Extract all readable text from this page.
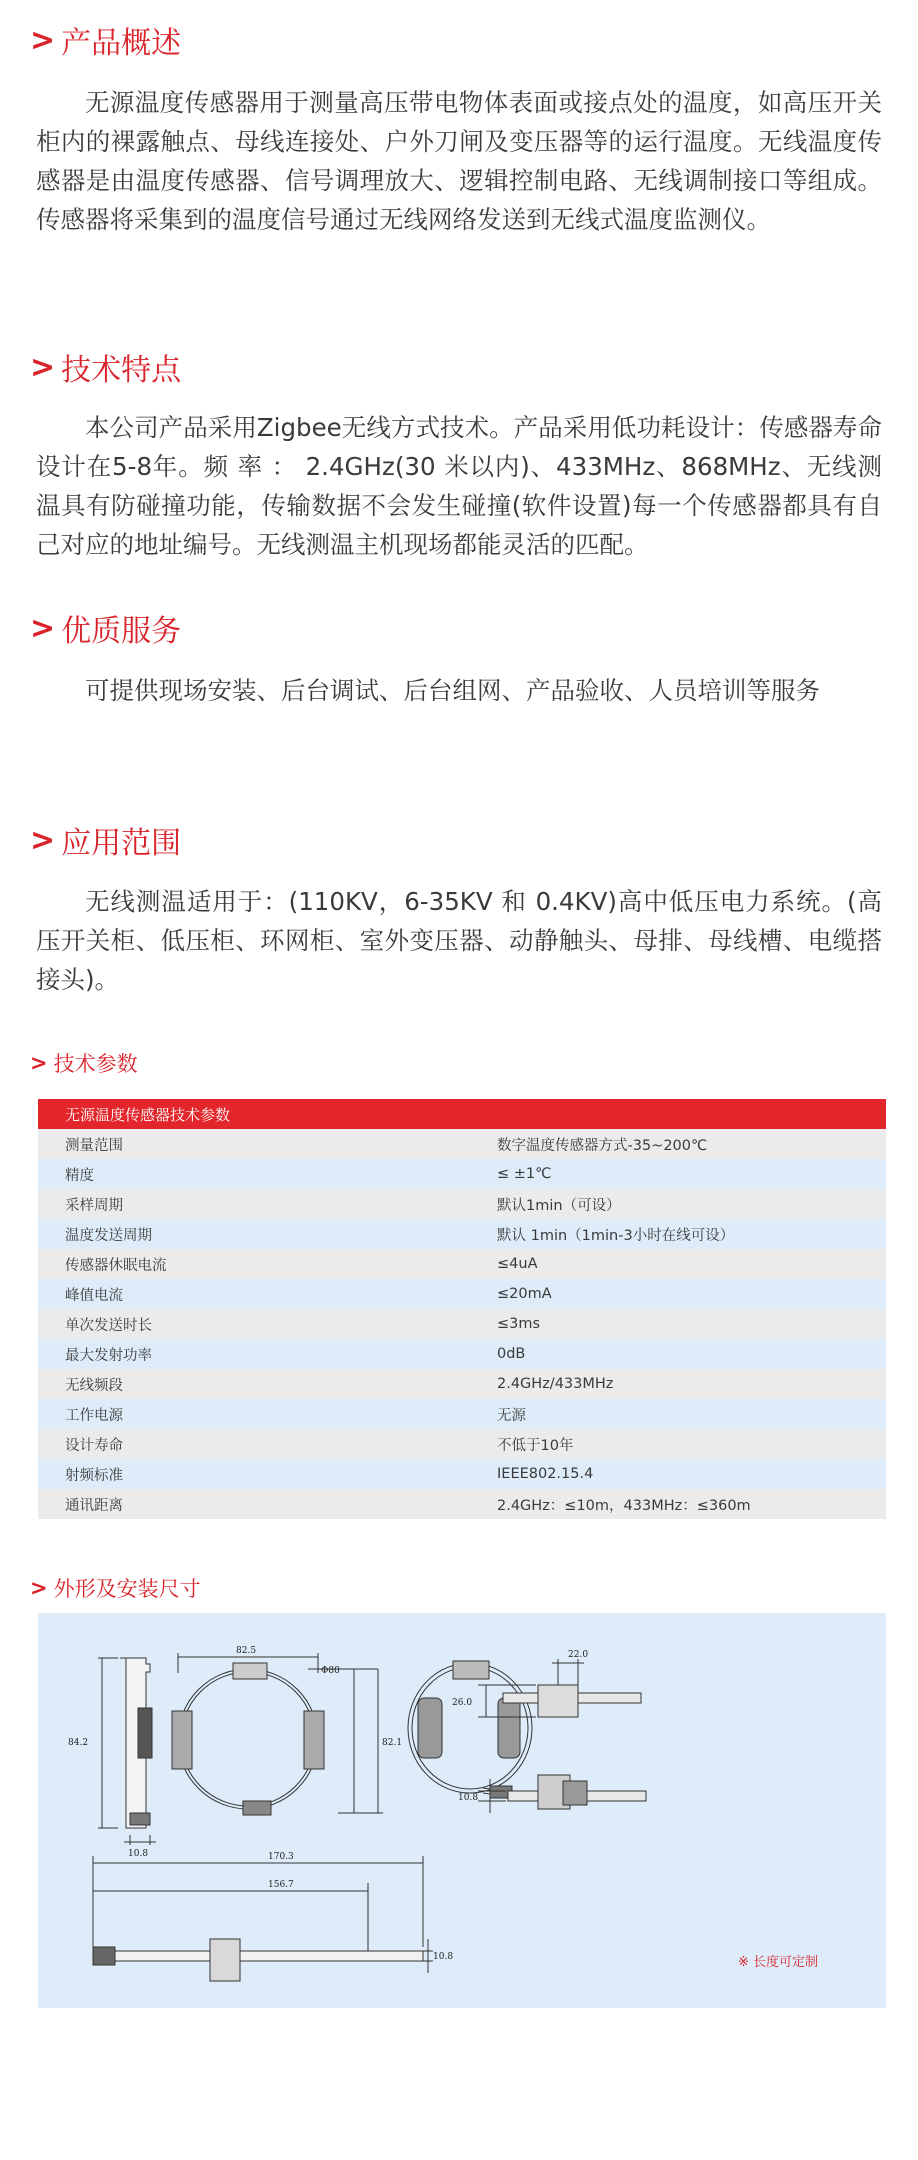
> 产品概述

无源温度传感器用于测量高压带电物体表面或接点处的温度，如高压开关柜内的裸露触点、母线连接处、户外刀闸及变压器等的运行温度。无线温度传感器是由温度传感器、信号调理放大、逻辑控制电路、无线调制接口等组成。传感器将采集到的温度信号通过无线网络发送到无线式温度监测仪。

> 技术特点

本公司产品采用Zigbee无线方式技术。产品采用低功耗设计：传感器寿命设计在5-8年。频 率 ： 2.4GHz(30 米以内)、433MHz、868MHz、无线测温具有防碰撞功能，传输数据不会发生碰撞(软件设置)每一个传感器都具有自己对应的地址编号。无线测温主机现场都能灵活的匹配。

> 优质服务

可提供现场安装、后台调试、后台组网、产品验收、人员培训等服务

> 应用范围

无线测温适用于：(110KV，6-35KV 和 0.4KV)高中低压电力系统。(高压开关柜、低压柜、环网柜、室外变压器、动静触头、母排、母线槽、电缆搭接头)。

> 技术参数
无源温度传感器技术参数	
测量范围	数字温度传感器方式-35~200℃
精度	≤ ±1℃
采样周期	默认1min（可设）
温度发送周期	默认 1min（1min-3小时在线可设）
传感器休眠电流	≤4uA
峰值电流	≤20mA
单次发送时长	≤3ms
最大发射功率	0dB
无线频段	2.4GHz/433MHz
工作电源	无源
设计寿命	不低于10年
射频标准	IEEE802.15.4
通讯距离	2.4GHz：≤10m，433MHz：≤360m
> 外形及安装尺寸
84.2
10.8
82.5
82.1
Φ80
22.0
26.0
10.8
170.3
156.7
10.8	※ 长度可定制
